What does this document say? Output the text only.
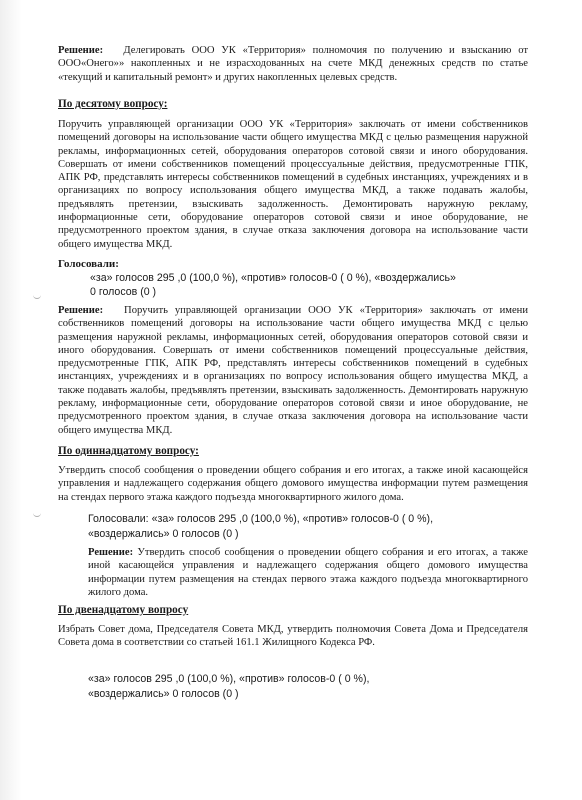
Решение: Делегировать ООО УК «Территория» полномочия по получению и взысканию от ООО«Онего»» накопленных и не израсходованных на счете МКД денежных средств по статье «текущий и капитальный ремонт» и других накопленных целевых средств.
По десятому вопросу:
Поручить управляющей организации ООО УК «Территория» заключать от имени собственников помещений договоры на использование части общего имущества МКД с целью размещения наружной рекламы, информационных сетей, оборудования операторов сотовой связи и иного оборудования. Совершать от имени собственников помещений процессуальные действия, предусмотренные ГПК, АПК РФ, представлять интересы собственников помещений в судебных инстанциях, учреждениях и в организациях по вопросу использования общего имущества МКД, а также подавать жалобы, предъявлять претензии, взыскивать задолженность. Демонтировать наружную рекламу, информационные сети, оборудование операторов сотовой связи и иное оборудование, не предусмотренного проектом здания, в случае отказа заключения договора на использование части общего имущества МКД.
Голосовали:
«за» голосов 295 ,0 (100,0 %), «против» голосов-0 ( 0 %), «воздержались»
0 голосов (0 )
Решение: Поручить управляющей организации ООО УК «Территория» заключать от имени собственников помещений договоры на использование части общего имущества МКД с целью размещения наружной рекламы, информационных сетей, оборудования операторов сотовой связи и иного оборудования. Совершать от имени собственников помещений процессуальные действия, предусмотренные ГПК, АПК РФ, представлять интересы собственников помещений в судебных инстанциях, учреждениях и в организациях по вопросу использования общего имущества МКД, а также подавать жалобы, предъявлять претензии, взыскивать задолженность. Демонтировать наружную рекламу, информационные сети, оборудование операторов сотовой связи и иное оборудование, не предусмотренного проектом здания, в случае отказа заключения договора на использование части общего имущества МКД.
По одиннадцатому вопросу:
Утвердить способ сообщения о проведении общего собрания и его итогах, а также иной касающейся управления и надлежащего содержания общего домового имущества информации путем размещения на стендах первого этажа каждого подъезда многоквартирного жилого дома.
Голосовали: «за» голосов 295 ,0 (100,0 %), «против» голосов-0 ( 0 %),
«воздержались» 0 голосов (0 )
Решение: Утвердить способ сообщения о проведении общего собрания и его итогах, а также иной касающейся управления и надлежащего содержания общего домового имущества информации путем размещения на стендах первого этажа каждого подъезда многоквартирного жилого дома.
По двенадцатому вопросу
Избрать Совет дома, Председателя Совета МКД, утвердить полномочия Совета Дома и Председателя Совета дома в соответствии со статьей 161.1 Жилищного Кодекса РФ.
«за» голосов 295 ,0 (100,0 %), «против» голосов-0 ( 0 %),
«воздержались» 0 голосов (0 )
